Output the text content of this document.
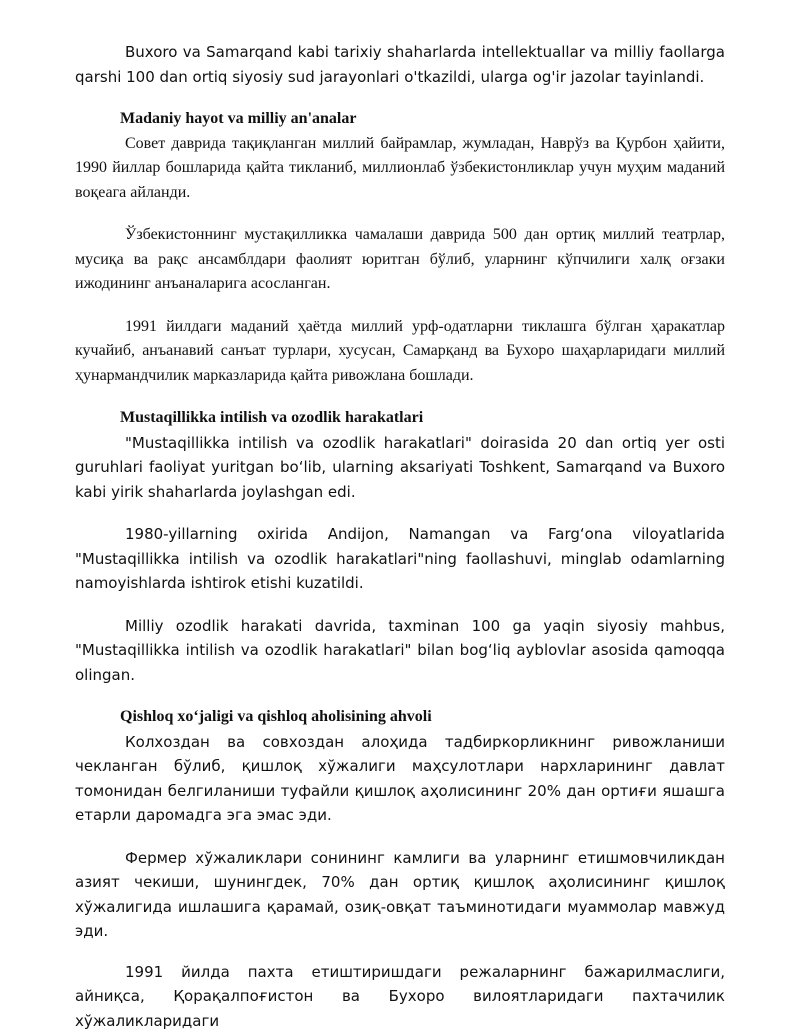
Buxoro va Samarqand kabi tarixiy shaharlarda intellektuallar va milliy faollarga qarshi 100 dan ortiq siyosiy sud jarayonlari o'tkazildi, ularga og'ir jazolar tayinlandi.

Madaniy hayot va milliy an'analar

Совет даврида тақиқланган миллий байрамлар, жумладан, Наврўз ва Қурбон ҳайити, 1990 йиллар бошларида қайта тикланиб, миллионлаб ўзбекистонликлар учун муҳим маданий воқеага айланди.

Ўзбекистоннинг мустақилликка чамалаши даврида 500 дан ортиқ миллий театрлар, мусиқа ва рақс ансамблдари фаолият юритган бўлиб, уларнинг кўпчилиги халқ оғзаки ижодининг анъаналарига асосланган.

1991 йилдаги маданий ҳаётда миллий урф-одатларни тиклашга бўлган ҳаракатлар кучайиб, анъанавий санъат турлари, хусусан, Самарқанд ва Бухоро шаҳарларидаги миллий ҳунармандчилик марказларида қайта ривожлана бошлади.

Mustaqillikka intilish va ozodlik harakatlari

"Mustaqillikka intilish va ozodlik harakatlari" doirasida 20 dan ortiq yer osti guruhlari faoliyat yuritgan bo‘lib, ularning aksariyati Toshkent, Samarqand va Buxoro kabi yirik shaharlarda joylashgan edi.

1980-yillarning oxirida Andijon, Namangan va Farg‘ona viloyatlarida "Mustaqillikka intilish va ozodlik harakatlari"ning faollashuvi, minglab odamlarning namoyishlarda ishtirok etishi kuzatildi.

Milliy ozodlik harakati davrida, taxminan 100 ga yaqin siyosiy mahbus, "Mustaqillikka intilish va ozodlik harakatlari" bilan bog‘liq ayblovlar asosida qamoqqa olingan.

Qishloq xo‘jaligi va qishloq aholisining ahvoli

Колхоздан ва совхоздан алоҳида тадбиркорликнинг ривожланиши чекланган бўлиб, қишлоқ хўжалиги маҳсулотлари нархларининг давлат томонидан белгиланиши туфайли қишлоқ аҳолисининг 20% дан ортиғи яшашга етарли даромадга эга эмас эди.

Фермер хўжаликлари сонининг камлиги ва уларнинг етишмовчиликдан азият чекиши, шунингдек, 70% дан ортиқ қишлоқ аҳолисининг қишлоқ хўжалигида ишлашига қарамай, озиқ-овқат таъминотидаги муаммолар мавжуд эди.

1991 йилда пахта етиштиришдаги режаларнинг бажарилмаслиги, айниқса, Қорақалпоғистон ва Бухоро вилоятларидаги пахтачилик хўжаликларидаги
